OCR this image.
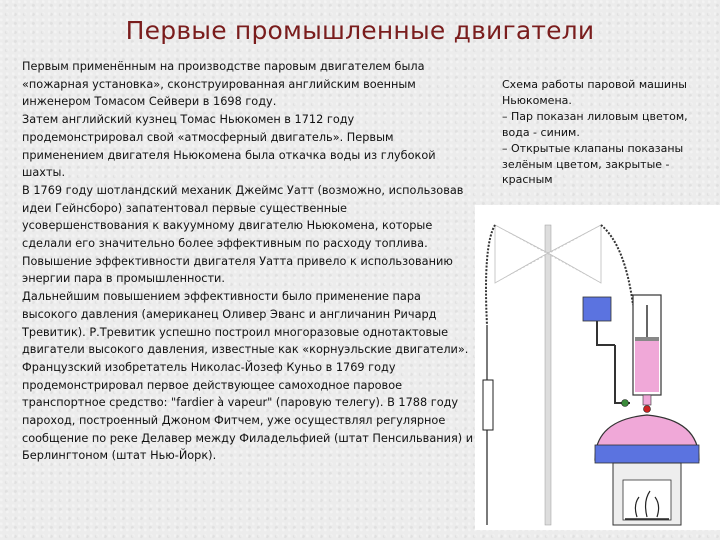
Первые промышленные двигатели

Первым применённым на производстве паровым двигателем была «пожарная установка», сконструированная английским военным инженером Томасом Сейвери в 1698 году.

Затем английский кузнец Томас Ньюкомен в 1712 году продемонстрировал свой «атмосферный двигатель». Первым применением двигателя Ньюкомена была откачка воды из глубокой шахты.

В 1769 году шотландский механик Джеймс Уатт (возможно, использовав идеи Гейнсборо) запатентовал первые существенные усовершенствования к вакуумному двигателю Ньюкомена, которые сделали его значительно более эффективным по расходу топлива. Повышение эффективности двигателя Уатта привело к использованию энергии пара в промышленности.

Дальнейшим повышением эффективности было применение пара высокого давления (американец Оливер Эванс и англичанин Ричард Тревитик). Р.Тревитик успешно построил многоразовые однотактовые двигатели высокого давления, известные как «корнуэльские двигатели».

Французский изобретатель Николас-Йозеф Куньо в 1769 году продемонстрировал первое действующее самоходное паровое транспортное средство: "fardier à vapeur" (паровую телегу). В 1788 году пароход, построенный Джоном Фитчем, уже осуществлял регулярное сообщение по реке Делавер между Филадельфией (штат Пенсильвания) и Берлингтоном (штат Нью-Йорк).

Схема работы паровой машины Ньюкомена.

– Пар показан лиловым цветом, вода - синим.

– Открытые клапаны показаны зелёным цветом, закрытые - красным
